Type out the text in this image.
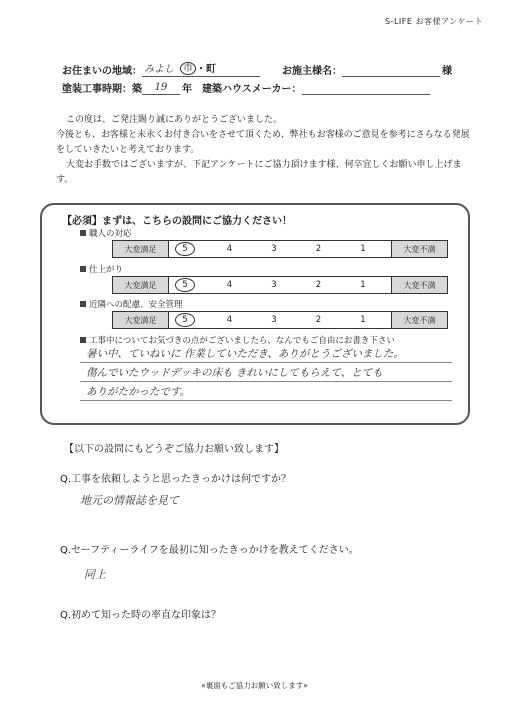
S-LIFE お客様アンケート
お住まいの地域： みよし 市 ・町	お施主様名：	様
塗装工事時期：築 19 年 建築ハウスメーカー：

この度は、ご発注賜り誠にありがとうございました。

今後とも、お客様と未永くお付き合いをさせて頂くため、弊社もお客様のご意見を参考にさらなる発展

をしていきたいと考えております。

大変お手数ではございますが、下記アンケートにご協力頂けます様、何卒宜しくお願い申し上げます。

【必須】まずは、こちらの設問にご協力ください！
職人の対応
大変満足	5	4	3	2	1	大変不満
仕上がり
大変満足	5	4	3	2	1	大変不満
近隣への配慮、安全管理
大変満足	5	4	3	2	1	大変不満
工事中についてお気づきの点がございましたら、なんでもご自由にお書き下さい
暑い中、ていねいに 作業していただき、ありがとうございました。
傷んでいたウッドデッキの床も きれいにしてもらえて、とても
ありがたかったです。
【以下の設問にもどうぞご協力お願い致します】
Q.工事を依頼しようと思ったきっかけは何ですか？
地元の情報誌を見て
Q.セーフティーライフを最初に知ったきっかけを教えてください。
同上
Q.初めて知った時の率直な印象は？
«裏面もご協力お願い致します»
